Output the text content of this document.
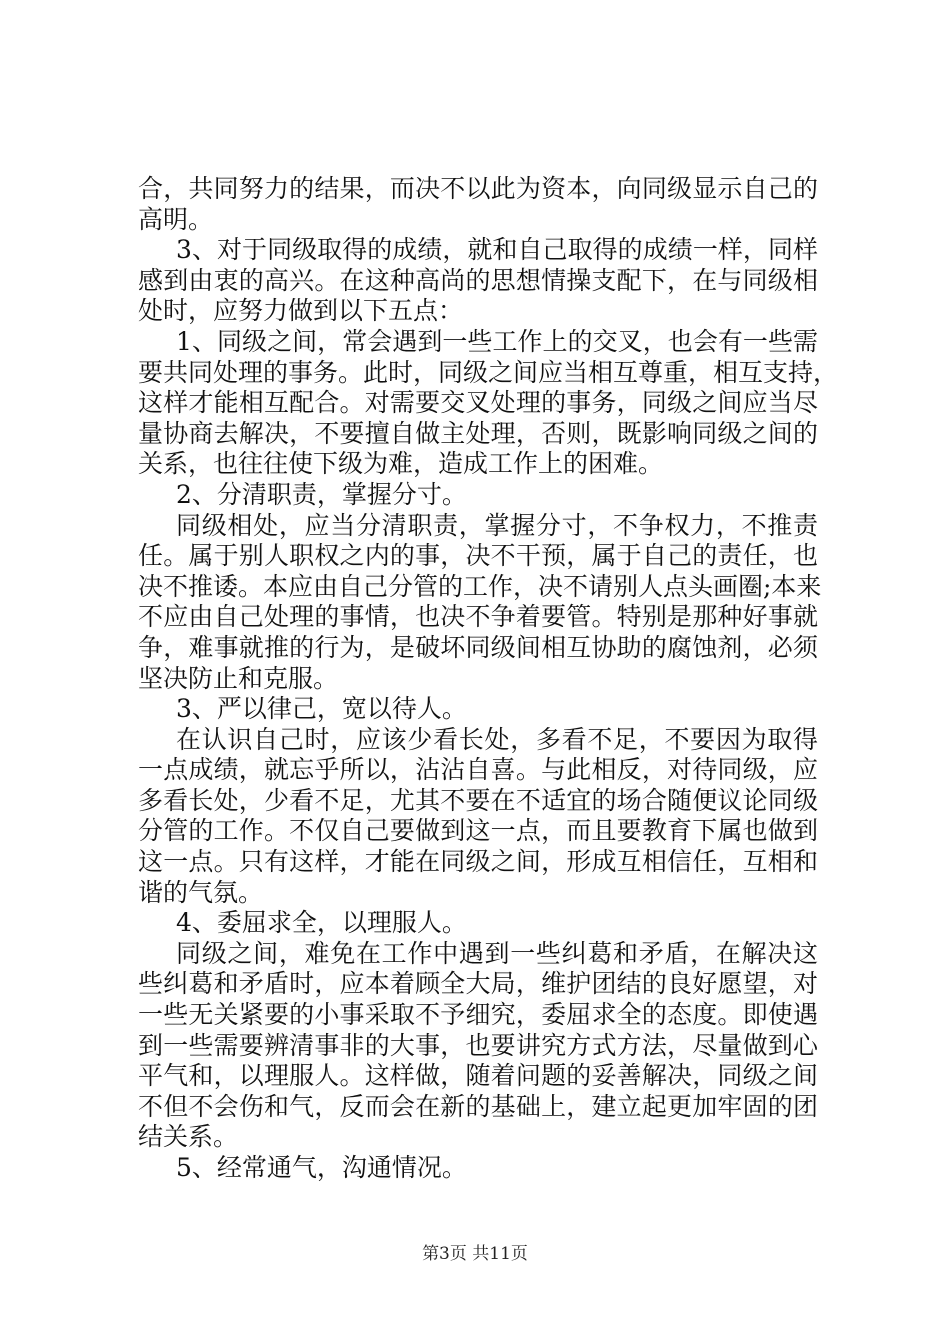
合，共同努力的结果，而决不以此为资本，向同级显示自己的
高明。
3、对于同级取得的成绩，就和自己取得的成绩一样，同样
感到由衷的高兴。在这种高尚的思想情操支配下，在与同级相
处时，应努力做到以下五点：
1、同级之间，常会遇到一些工作上的交叉，也会有一些需
要共同处理的事务。此时，同级之间应当相互尊重，相互支持，
这样才能相互配合。对需要交叉处理的事务，同级之间应当尽
量协商去解决，不要擅自做主处理，否则，既影响同级之间的
关系，也往往使下级为难，造成工作上的困难。
2、分清职责，掌握分寸。
同级相处，应当分清职责，掌握分寸，不争权力，不推责
任。属于别人职权之内的事，决不干预，属于自己的责任，也
决不推诿。本应由自己分管的工作，决不请别人点头画圈;本来
不应由自己处理的事情，也决不争着要管。特别是那种好事就
争，难事就推的行为，是破坏同级间相互协助的腐蚀剂，必须
坚决防止和克服。
3、严以律己，宽以待人。
在认识自己时，应该少看长处，多看不足，不要因为取得
一点成绩，就忘乎所以，沾沾自喜。与此相反，对待同级，应
多看长处，少看不足，尤其不要在不适宜的场合随便议论同级
分管的工作。不仅自己要做到这一点，而且要教育下属也做到
这一点。只有这样，才能在同级之间，形成互相信任，互相和
谐的气氛。
4、委屈求全，以理服人。
同级之间，难免在工作中遇到一些纠葛和矛盾，在解决这
些纠葛和矛盾时，应本着顾全大局，维护团结的良好愿望，对
一些无关紧要的小事采取不予细究，委屈求全的态度。即使遇
到一些需要辨清事非的大事，也要讲究方式方法，尽量做到心
平气和，以理服人。这样做，随着问题的妥善解决，同级之间
不但不会伤和气，反而会在新的基础上，建立起更加牢固的团
结关系。
5、经常通气，沟通情况。
第3页 共11页
